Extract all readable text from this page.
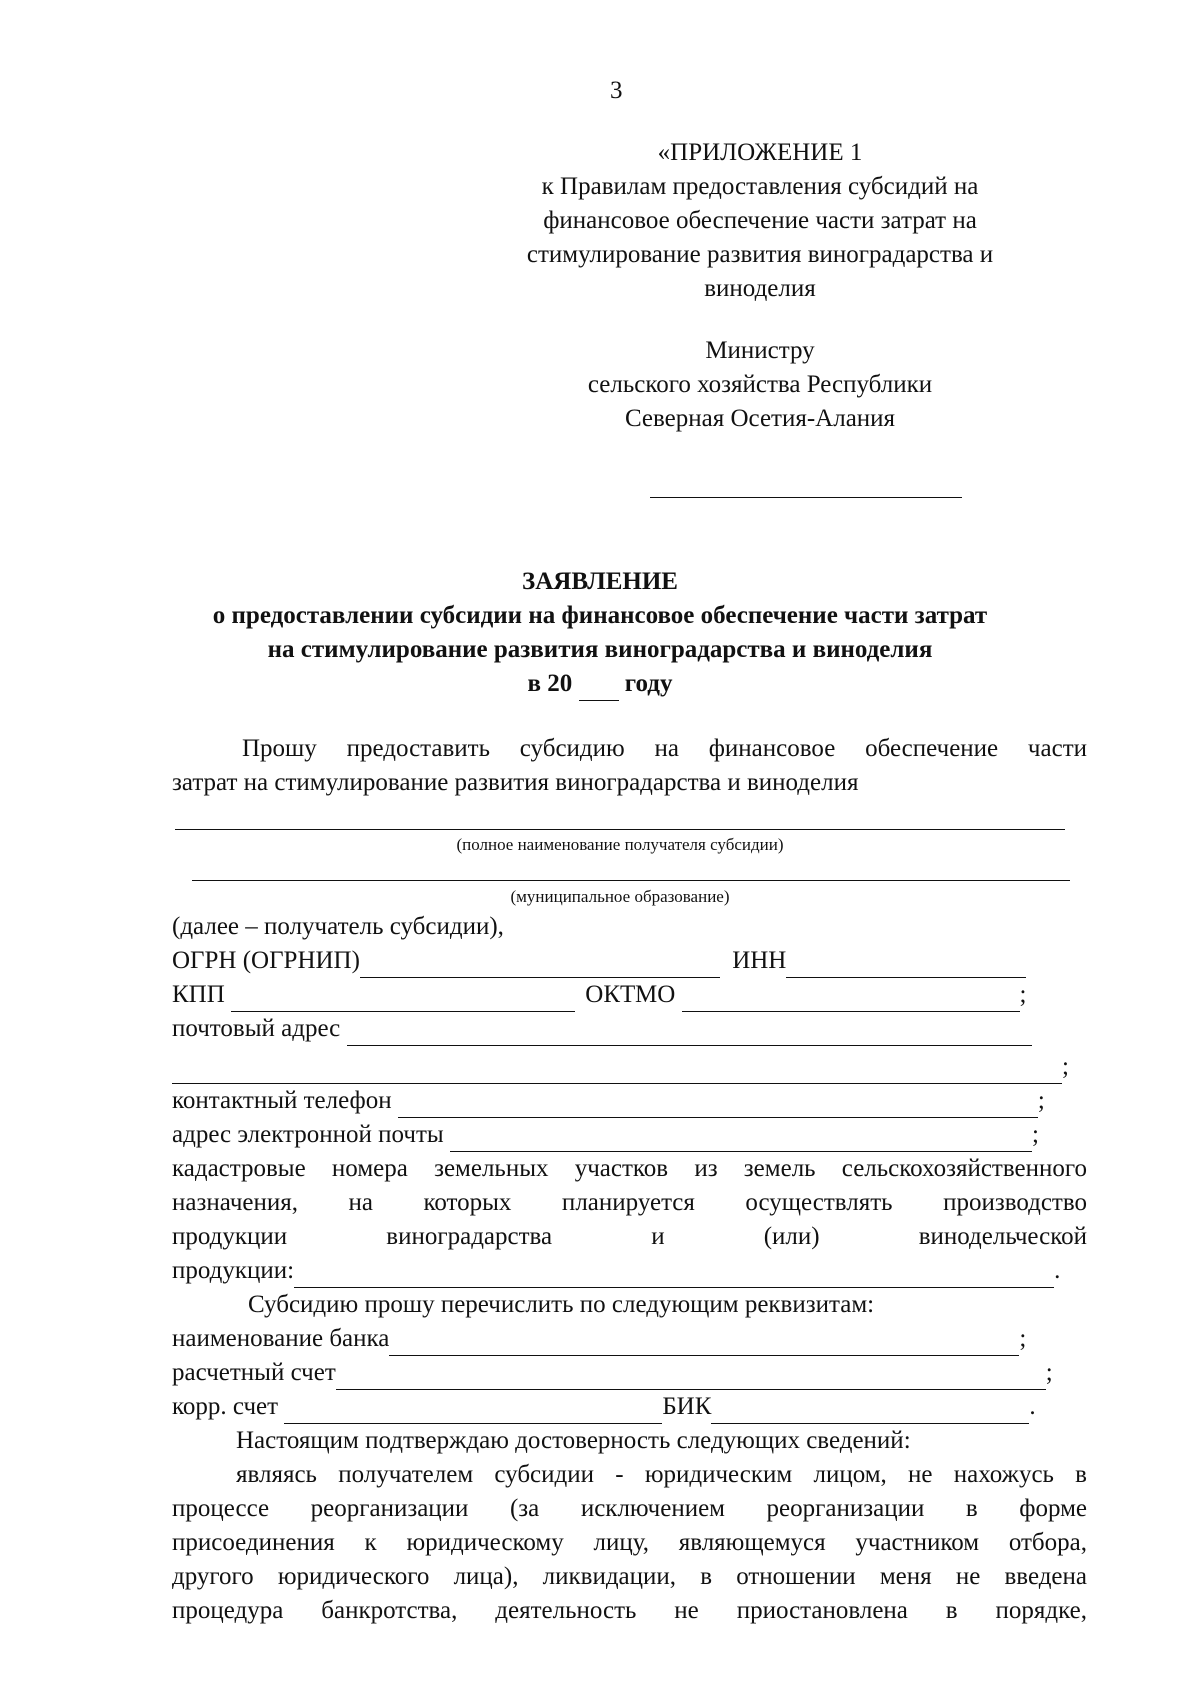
3
«ПРИЛОЖЕНИЕ 1
к Правилам предоставления субсидий на
финансовое обеспечение части затрат на
стимулирование развития виноградарства и
виноделия
Министру
сельского хозяйства Республики
Северная Осетия-Алания
ЗАЯВЛЕНИЕ
о предоставлении субсидии на финансовое обеспечение части затрат
на стимулирование развития виноградарства и виноделия
в 20 году
Прошу предоставить субсидию на финансовое обеспечение части
затрат на стимулирование развития виноградарства и виноделия
(полное наименование получателя субсидии)
(муниципальное образование)
(далее – получатель субсидии),
ОГРН (ОГРНИП)	ИНН
КПП	ОКТМО	;
почтовый адрес
;
контактный телефон	;
адрес электронной почты	;
кадастровые номера земельных участков из земель сельскохозяйственного
назначения, на которых планируется осуществлять производство
продукции виноградарства и (или) винодельческой
продукции:	.
Субсидию прошу перечислить по следующим реквизитам:
наименование банка	;
расчетный счет	;
корр. счет	БИК	.
Настоящим подтверждаю достоверность следующих сведений:
являясь получателем субсидии - юридическим лицом, не нахожусь в
процессе реорганизации (за исключением реорганизации в форме
присоединения к юридическому лицу, являющемуся участником отбора,
другого юридического лица), ликвидации, в отношении меня не введена
процедура банкротства, деятельность не приостановлена в порядке,
